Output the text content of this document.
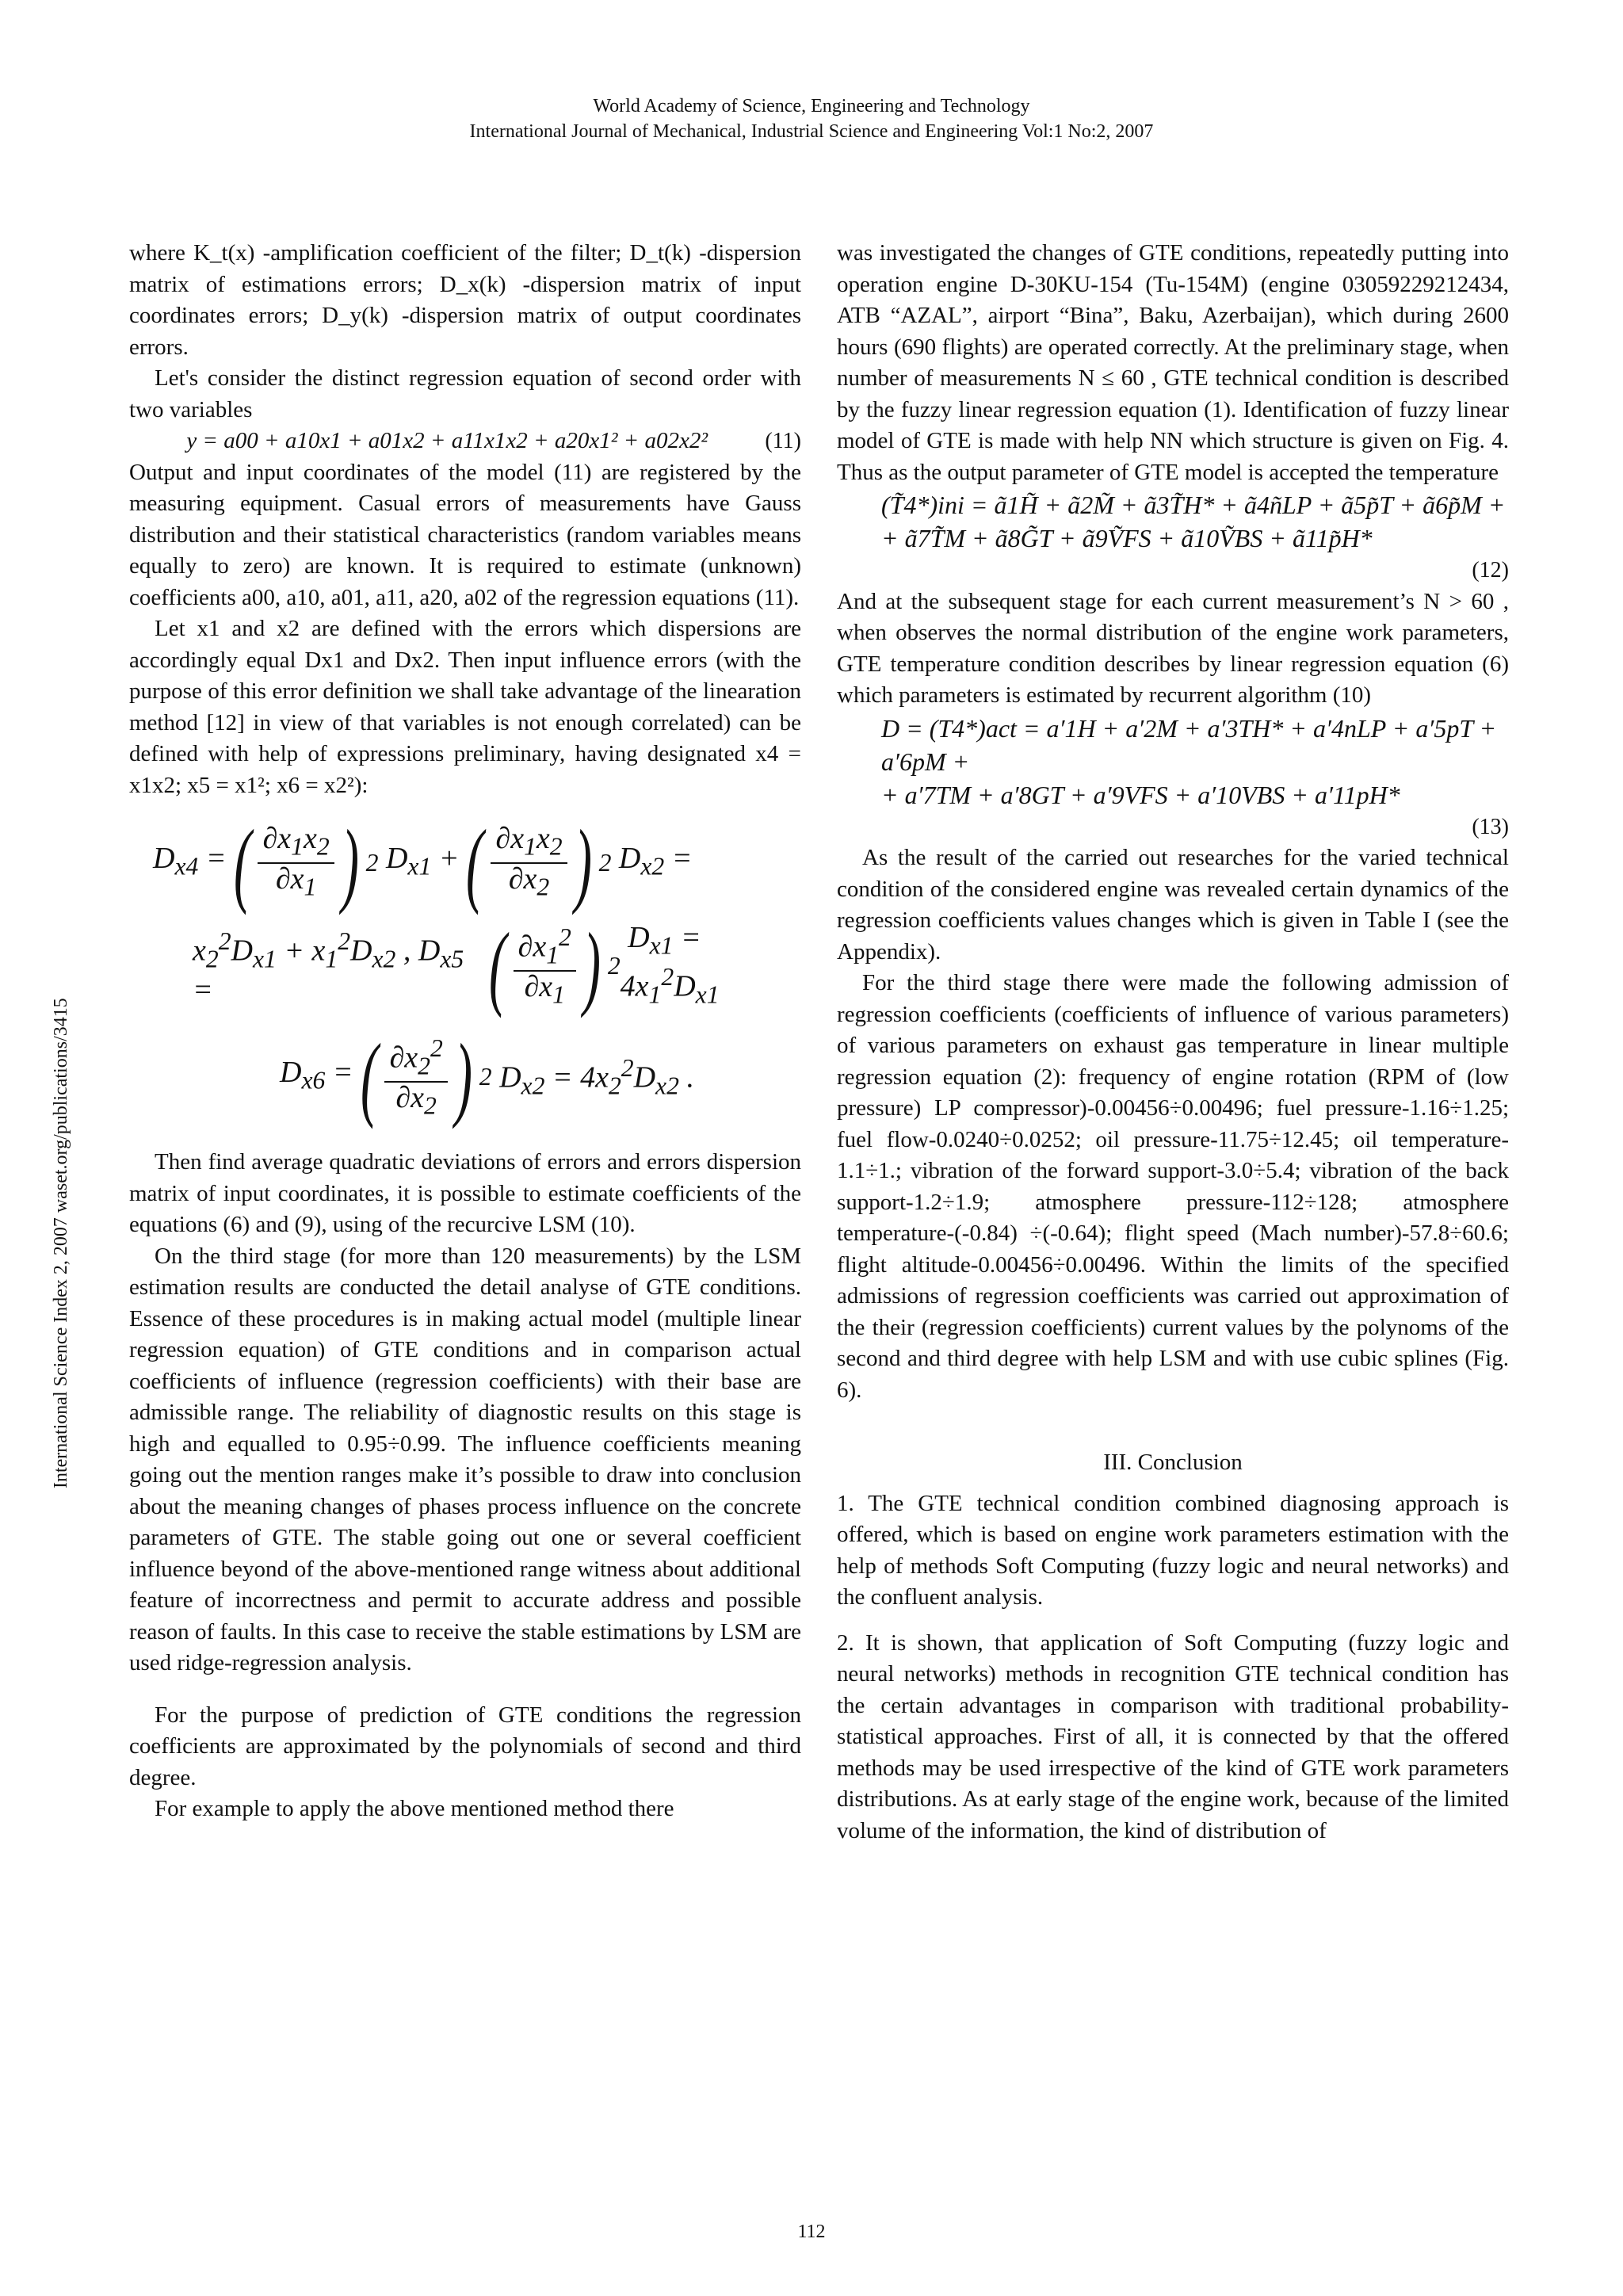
World Academy of Science, Engineering and Technology
International Journal of Mechanical, Industrial Science and Engineering Vol:1 No:2, 2007
International Science Index 2, 2007 waset.org/publications/3415

where K_t(x) -amplification coefficient of the filter; D_t(k) -dispersion matrix of estimations errors; D_x(k) -dispersion matrix of input coordinates errors; D_y(k) -dispersion matrix of output coordinates errors.

Let's consider the distinct regression equation of second order with two variables

y = a00 + a10x1 + a01x2 + a11x1x2 + a20x1² + a02x2²	(11)

Output and input coordinates of the model (11) are registered by the measuring equipment. Casual errors of measurements have Gauss distribution and their statistical characteristics (random variables means equally to zero) are known. It is required to estimate (unknown) coefficients a00, a10, a01, a11, a20, a02 of the regression equations (11).

Let x1 and x2 are defined with the errors which dispersions are accordingly equal Dx1 and Dx2. Then input influence errors (with the purpose of this error definition we shall take advantage of the linearation method [12] in view of that variables is not enough correlated) can be defined with help of expressions preliminary, having designated x4 = x1x2; x5 = x1²; x6 = x2²):

$D_{x4}$ = ( $\frac{\partial x_1x_2}{\partial x_1}$ ) 2 $D_{x1}$ + ( $\frac{\partial x_1x_2}{\partial x_2}$ ) 2 $D_{x2}$ =
$x_2^2D_{x1} + x_1^2D_{x2}$ , $D_{x5}$ =	( $\frac{\partial x_1^2}{\partial x_1}$ ) 2
$D_{x1} = 4x_1^2D_{x1}$
$D_{x6}$ = ( $\frac{\partial x_2^2}{\partial x_2}$ ) 2 $D_{x2} = 4x_2^2D_{x2}$ .

Then find average quadratic deviations of errors and errors dispersion matrix of input coordinates, it is possible to estimate coefficients of the equations (6) and (9), using of the recurcive LSM (10).

On the third stage (for more than 120 measurements) by the LSM estimation results are conducted the detail analyse of GTE conditions. Essence of these procedures is in making actual model (multiple linear regression equation) of GTE conditions and in comparison actual coefficients of influence (regression coefficients) with their base are admissible range. The reliability of diagnostic results on this stage is high and equalled to 0.95÷0.99. The influence coefficients meaning going out the mention ranges make it’s possible to draw into conclusion about the meaning changes of phases process influence on the concrete parameters of GTE. The stable going out one or several coefficient influence beyond of the above-mentioned range witness about additional feature of incorrectness and permit to accurate address and possible reason of faults. In this case to receive the stable estimations by LSM are used ridge-regression analysis.

For the purpose of prediction of GTE conditions the regression coefficients are approximated by the polynomials of second and third degree.

For example to apply the above mentioned method there

was investigated the changes of GTE conditions, repeatedly putting into operation engine D-30KU-154 (Tu-154M) (engine 03059229212434, ATB “AZAL”, airport “Bina”, Baku, Azerbaijan), which during 2600 hours (690 flights) are operated correctly. At the preliminary stage, when number of measurements N ≤ 60 , GTE technical condition is described by the fuzzy linear regression equation (1). Identification of fuzzy linear model of GTE is made with help NN which structure is given on Fig. 4. Thus as the output parameter of GTE model is accepted the temperature

(T̃4*)ini = ã1H̃ + ã2M̃ + ã3T̃H* + ã4ñLP + ã5p̃T + ã6p̃M +
+ ã7T̃M + ã8G̃T + ã9ṼFS + ã10ṼBS + ã11p̃H*
(12)

And at the subsequent stage for each current measurement’s N > 60 , when observes the normal distribution of the engine work parameters, GTE temperature condition describes by linear regression equation (6) which parameters is estimated by recurrent algorithm (10)

D = (T4*)act = a′1H + a′2M + a′3TH* + a′4nLP + a′5pT + a′6pM +
+ a′7TM + a′8GT + a′9VFS + a′10VBS + a′11pH*
(13)

As the result of the carried out researches for the varied technical condition of the considered engine was revealed certain dynamics of the regression coefficients values changes which is given in Table I (see the Appendix).

For the third stage there were made the following admission of regression coefficients (coefficients of influence of various parameters) of various parameters on exhaust gas temperature in linear multiple regression equation (2): frequency of engine rotation (RPM of (low pressure) LP compressor)-0.00456÷0.00496; fuel pressure-1.16÷1.25; fuel flow-0.0240÷0.0252; oil pressure-11.75÷12.45; oil temperature-1.1÷1.; vibration of the forward support-3.0÷5.4; vibration of the back support-1.2÷1.9; atmosphere pressure-112÷128; atmosphere temperature-(-0.84) ÷(-0.64); flight speed (Mach number)-57.8÷60.6; flight altitude-0.00456÷0.00496. Within the limits of the specified admissions of regression coefficients was carried out approximation of the their (regression coefficients) current values by the polynoms of the second and third degree with help LSM and with use cubic splines (Fig. 6).

III. Conclusion

1. The GTE technical condition combined diagnosing approach is offered, which is based on engine work parameters estimation with the help of methods Soft Computing (fuzzy logic and neural networks) and the confluent analysis.

2. It is shown, that application of Soft Computing (fuzzy logic and neural networks) methods in recognition GTE technical condition has the certain advantages in comparison with traditional probability-statistical approaches. First of all, it is connected by that the offered methods may be used irrespective of the kind of GTE work parameters distributions. As at early stage of the engine work, because of the limited volume of the information, the kind of distribution of

112
